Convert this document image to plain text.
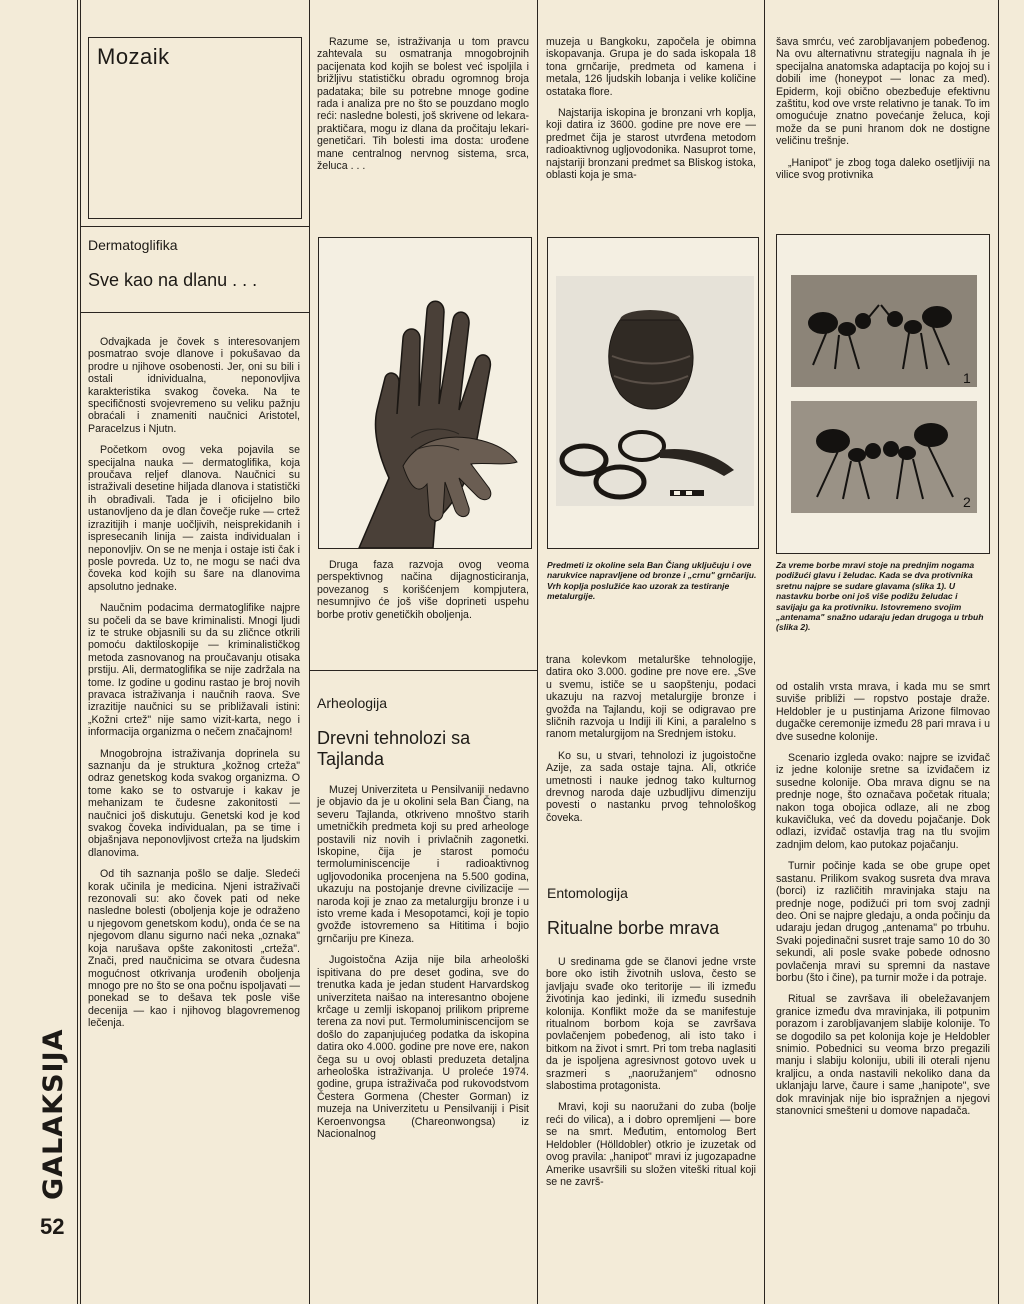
Mozaik
Dermatoglifika
Sve kao na dlanu . . .

Odvajkada je čovek s interesovanjem posmatrao svoje dlanove i pokušavao da prodre u njihove osobenosti. Jer, oni su bili i ostali idnividualna, neponovljiva karakteristika svakog čoveka. Na te specifičnosti svojevremeno su veliku pažnju obraćali i znameniti naučnici Aristotel, Paracelzus i Njutn.

Početkom ovog veka pojavila se specijalna nauka — dermatoglifika, koja proučava reljef dlanova. Naučnici su istraživali desetine hiljada dlanova i statistički ih obrađivali. Tada je i oficijelno bilo ustanovljeno da je dlan čovečje ruke — crtež izrazitijih i manje uočljivih, neisprekidanih i ispresecanih linija — zaista individualan i neponovljiv. On se ne menja i ostaje isti čak i posle povreda. Uz to, ne mogu se naći dva čoveka kod kojih su šare na dlanovima apsolutno jednake.

Naučnim podacima dermatoglifike najpre su počeli da se bave kriminalisti. Mnogi ljudi iz te struke objasnili su da su zličnce otkrili pomoću daktiloskopije — kriminalističkog metoda zasnovanog na proučavanju otisaka prstiju. Ali, dermatoglifika se nije zadržala na tome. Iz godine u godinu rastao je broj novih pravaca istraživanja i naučnih raova. Sve izrazitije naučnici su se približavali istini: „Kožni crtež" nije samo vizit-karta, nego i informacija organizma o nečem značajnom!

Mnogobrojna istraživanja doprinela su saznanju da je struktura „kožnog crteža" odraz genetskog koda svakog organizma. O tome kako se to ostvaruje i kakav je mehanizam te čudesne zakonitosti — naučnici još diskutuju. Genetski kod je kod svakog čoveka individualan, pa se time i objašnjava neponovljivost crteža na ljudskim dlanovima.

Od tih saznanja pošlo se dalje. Sledeći korak učinila je medicina. Njeni istraživači rezonovali su: ako čovek pati od neke nasledne bolesti (oboljenja koje je odraženo u njegovom genetskom kodu), onda će se na njegovom dlanu sigurno naći neka „oznaka" koja narušava opšte zakonitosti „crteža". Znači, pred naučnicima se otvara čudesna mogućnost otkrivanja urođenih oboljenja mnogo pre no što se ona počnu ispoljavati — ponekad se to dešava tek posle više decenija — kao i njihovog blagovremenog lečenja.

Razume se, istraživanja u tom pravcu zahtevala su osmatranja mnogobrojnih pacijenata kod kojih se bolest već ispoljila i brižljivu statističku obradu ogromnog broja padataka; bile su potrebne mnoge godine rada i analiza pre no što se pouzdano moglo reći: nasledne bolesti, još skrivene od lekara-praktičara, mogu iz dlana da pročitaju lekari-genetičari. Tih bolesti ima dosta: urođene mane centralnog nervnog sistema, srca, želuca . . .

Druga faza razvoja ovog veoma perspektivnog načina dijagnosticiranja, povezanog s korišćenjem kompjutera, nesumnjivo će još više doprineti uspehu borbe protiv genetičkih oboljenja.

Arheologija
Drevni tehnolozi sa Tajlanda

Muzej Univerziteta u Pensilvaniji nedavno je objavio da je u okolini sela Ban Čiang, na severu Tajlanda, otkriveno mnoštvo starih umetničkih predmeta koji su pred arheologe postavili niz novih i privlačnih zagonetki. Iskopine, čija je starost pomoću termoluminiscencije i radioaktivnog ugljovodonika procenjena na 5.500 godina, ukazuju na postojanje drevne civilizacije — naroda koji je znao za metalurgiju bronze i u isto vreme kada i Mesopotamci, koji je topio gvožđe istovremeno sa Hititima i bojio grnčariju pre Kineza.

Jugoistočna Azija nije bila arheološki ispitivana do pre deset godina, sve do trenutka kada je jedan student Harvardskog univerziteta naišao na interesantno obojene krčage u zemlji iskopanoj prilikom pripreme terena za novi put. Termoluminiscencijom se došlo do zapanjujućeg podatka da iskopina datira oko 4.000. godine pre nove ere, nakon čega su u ovoj oblasti preduzeta detaljna arheološka istraživanja. U proleće 1974. godine, grupa istraživača pod rukovodstvom Čestera Gormena (Chester Gorman) iz muzeja na Univerzitetu u Pensilvaniji i Pisit Keroenvongsa (Chareonwongsa) iz Nacionalnog

muzeja u Bangkoku, započela je obimna iskopavanja. Grupa je do sada iskopala 18 tona grnčarije, predmeta od kamena i metala, 126 ljudskih lobanja i velike količine ostataka flore.

Najstarija iskopina je bronzani vrh koplja, koji datira iz 3600. godine pre nove ere — predmet čija je starost utvrđena metodom radioaktivnog ugljovodonika. Nasuprot tome, najstariji bronzani predmet sa Bliskog istoka, oblasti koja je sma-

Predmeti iz okoline sela Ban Čiang uključuju i ove narukvice napravljene od bronze i „crnu" grnčariju. Vrh koplja poslužiće kao uzorak za testiranje metalurgije.

trana kolevkom metalurške tehnologije, datira oko 3.000. godine pre nove ere. „Sve u svemu, ističe se u saopštenju, podaci ukazuju na razvoj metalurgije bronze i gvožđa na Tajlandu, koji se odigravao pre sličnih razvoja u Indiji ili Kini, a paralelno s ranom metalurgijom na Srednjem istoku.

Ko su, u stvari, tehnolozi iz jugoistočne Azije, za sada ostaje tajna. Ali, otkriće umetnosti i nauke jednog tako kulturnog drevnog naroda daje uzbudljivu dimenziju povesti o nastanku prvog tehnološkog čoveka.

Entomologija
Ritualne borbe mrava

U sredinama gde se članovi jedne vrste bore oko istih životnih uslova, često se javljaju svađe oko teritorije — ili između životinja kao jedinki, ili između susednih kolonija. Konflikt može da se manifestuje ritualnom borbom koja se završava povlačenjem pobeđenog, ali isto tako i bitkom na život i smrt. Pri tom treba naglasiti da je ispoljena agresivnost gotovo uvek u srazmeri s „naoružanjem" odnosno slabostima protagonista.

Mravi, koji su naoružani do zuba (bolje reći do vilica), a i dobro opremljeni — bore se na smrt. Međutim, entomolog Bert Heldobler (Hölldobler) otkrio je izuzetak od ovog pravila: „hanipot" mravi iz jugozapadne Amerike usavršili su složen viteški ritual koji se ne završ-

šava smrću, već zarobljavanjem pobeđenog. Na ovu alternativnu strategiju nagnala ih je specijalna anatomska adaptacija po kojoj su i dobili ime (honeypot — lonac za med). Epiderm, koji obično obezbeđuje efektivnu zaštitu, kod ove vrste relativno je tanak. To im omogućuje znatno povećanje želuca, koji može da se puni hranom dok ne dostigne veličinu trešnje.

„Hanipot" je zbog toga daleko osetljiviji na vilice svog protivnika

1
2
Za vreme borbe mravi stoje na prednjim nogama podižući glavu i želudac. Kada se dva protivnika sretnu najpre se sudare glavama (slika 1). U nastavku borbe oni još više podižu želudac i savijaju ga ka protivniku. Istovremeno svojim „antenama" snažno udaraju jedan drugoga u trbuh (slika 2).

od ostalih vrsta mrava, i kada mu se smrt suviše približi — ropstvo postaje draže. Heldobler je u pustinjama Arizone filmovao dugačke ceremonije između 28 pari mrava i u dve susedne kolonije.

Scenario izgleda ovako: najpre se izviđač iz jedne kolonije sretne sa izviđačem iz susedne kolonije. Oba mrava dignu se na prednje noge, što označava početak rituala; nakon toga obojica odlaze, ali ne zbog kukavičluka, već da dovedu pojačanje. Dok odlazi, izviđač ostavlja trag na tlu svojim zadnjim delom, kao putokaz pojačanju.

Turnir počinje kada se obe grupe opet sastanu. Prilikom svakog susreta dva mrava (borci) iz različitih mravinjaka staju na prednje noge, podižući pri tom svoj zadnji deo. Oni se najpre gledaju, a onda počinju da udaraju jedan drugog „antenama" po trbuhu. Svaki pojedinačni susret traje samo 10 do 30 sekundi, ali posle svake pobede odnosno povlačenja mravi su spremni da nastave borbu (što i čine), pa turnir može i da potraje.

Ritual se završava ili obeležavanjem granice između dva mravinjaka, ili potpunim porazom i zarobljavanjem slabije kolonije. To se dogodilo sa pet kolonija koje je Heldobler snimio. Pobednici su veoma brzo pregazili manju i slabiju koloniju, ubili ili oterali njenu kraljicu, a onda nastavili nekoliko dana da uklanjaju larve, čaure i same „hanipote", sve dok mravinjak nije bio ispražnjen a njegovi stanovnici smešteni u domove napadača.

GALAKSIJA
52
